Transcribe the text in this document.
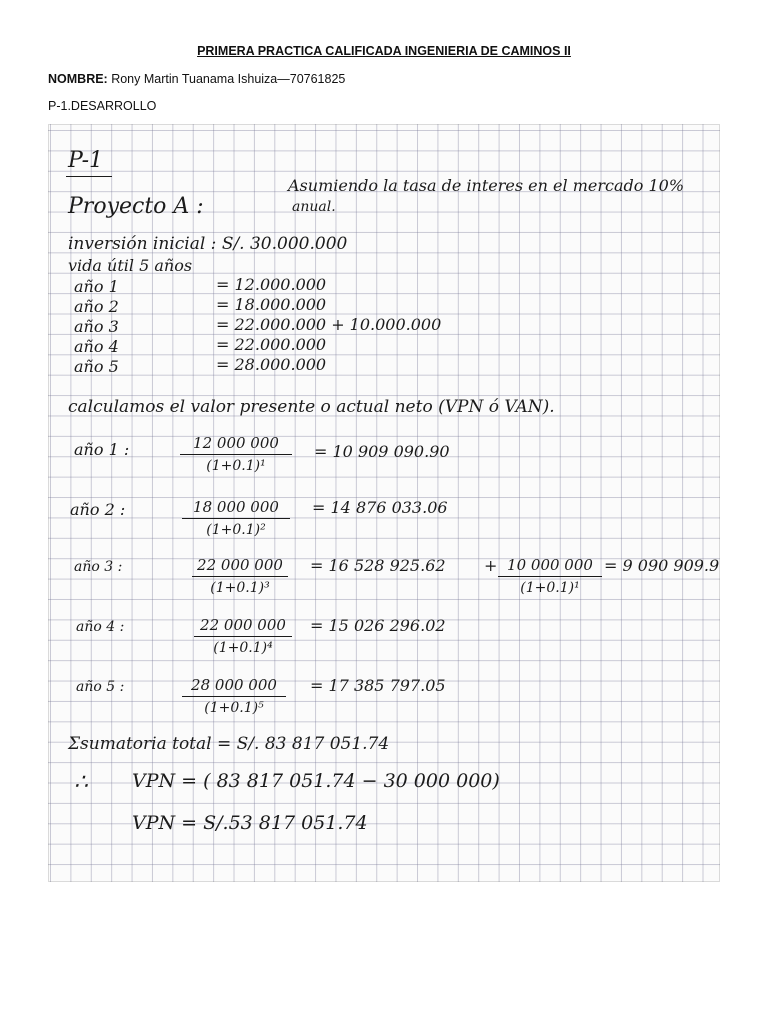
PRIMERA PRACTICA CALIFICADA INGENIERIA DE CAMINOS II
NOMBRE: Rony Martin Tuanama Ishuiza—70761825
P-1.DESARROLLO
P-1
Proyecto A :
Asumiendo la tasa de interes en el mercado 10%
anual.
inversión inicial : S/. 30.000.000
vida útil 5 años
año 1	= 12.000.000
año 2	= 18.000.000
año 3	= 22.000.000 + 10.000.000
año 4	= 22.000.000
año 5	= 28.000.000
calculamos el valor presente o actual neto (VPN ó VAN).
año 1 :	$\frac{12 000 000}{\text{(1+0.1)¹}} = 10$ 909 090.90
año 2 :	$\frac{18 000 000}{\text{(1+0.1)²}} = 14$ 876 033.06
año 3 :	$\frac{22 000 000}{\text{(1+0.1)³}} = 16$ 528 $925.62 + \frac{10 000 000}{\text{(1+0.1)¹}} = 9$ 090 909.9
año 4 :	$\frac{22 000 000}{\text{(1+0.1)⁴}} = 15$ 026 296.02
año 5 :	$\frac{28 000 000}{\text{(1+0.1)⁵}} = 17$ 385 797.05
Σsumatoria total = S/. 83 817 051.74
∴ VPN = ( 83 817 051.74 − 30 000 000)
VPN = S/.53 817 051.74
